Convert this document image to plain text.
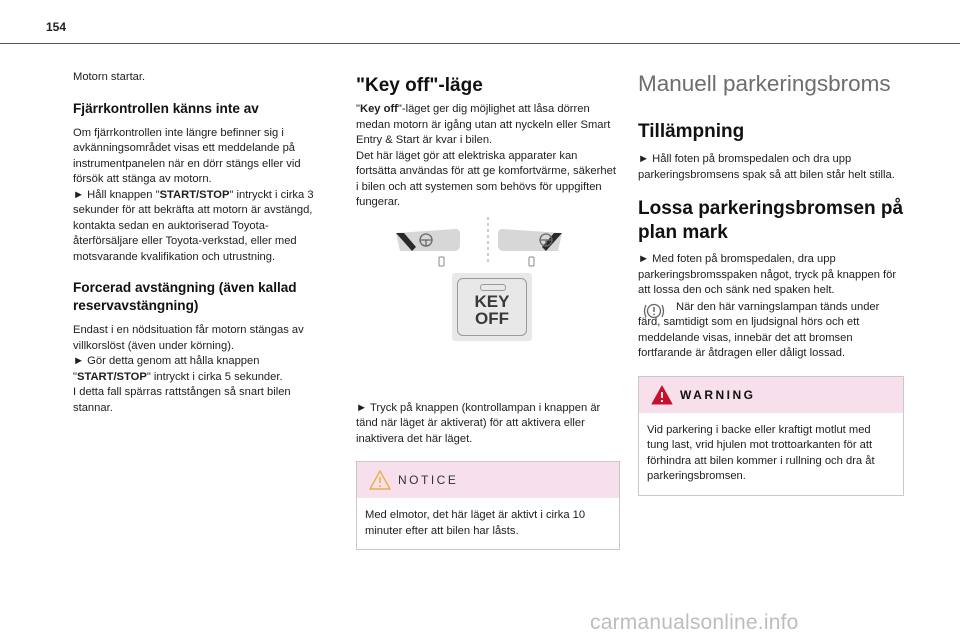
154

Motorn startar.

Fjärrkontrollen känns inte av

Om fjärrkontrollen inte längre befinner sig i avkänningsområdet visas ett meddelande på instrumentpanelen när en dörr stängs eller vid försök att stänga av motorn.
► Håll knappen "START/STOP" intryckt i cirka 3 sekunder för att bekräfta att motorn är avstängd, kontakta sedan en auktoriserad Toyota-återförsäljare eller Toyota-verkstad, eller med motsvarande kvalifikation och utrustning.

Forcerad avstängning (även kallad reservavstängning)

Endast i en nödsituation får motorn stängas av villkorslöst (även under körning).
► Gör detta genom att hålla knappen "START/STOP" intryckt i cirka 5 sekunder.
I detta fall spärras rattstången så snart bilen stannar.

"Key off"-läge

"Key off"-läget ger dig möjlighet att låsa dörren medan motorn är igång utan att nyckeln eller Smart Entry & Start är kvar i bilen.
Det här läget gör att elektriska apparater kan fortsätta användas för att ge komfortvärme, säkerhet i bilen och att systemen som behövs för uppgiften fungerar.

KEY
OFF

► Tryck på knappen (kontrollampan i knappen är tänd när läget är aktiverat) för att aktivera eller inaktivera det här läget.

NOTICE

Med elmotor, det här läget är aktivt i cirka 10 minuter efter att bilen har låsts.

Manuell parkeringsbroms
Tillämpning

► Håll foten på bromspedalen och dra upp parkeringsbromsens spak så att bilen står helt stilla.

Lossa parkeringsbromsen på plan mark

► Med foten på bromspedalen, dra upp parkeringsbromsspaken något, tryck på knappen för att lossa den och sänk ned spaken helt.

När den här varningslampan tänds under färd, samtidigt som en ljudsignal hörs och ett meddelande visas, innebär det att bromsen fortfarande är åtdragen eller dåligt lossad.

WARNING

Vid parkering i backe eller kraftigt motlut med tung last, vrid hjulen mot trottoarkanten för att förhindra att bilen kommer i rullning och dra åt parkeringsbromsen.

carmanualsonline.info
